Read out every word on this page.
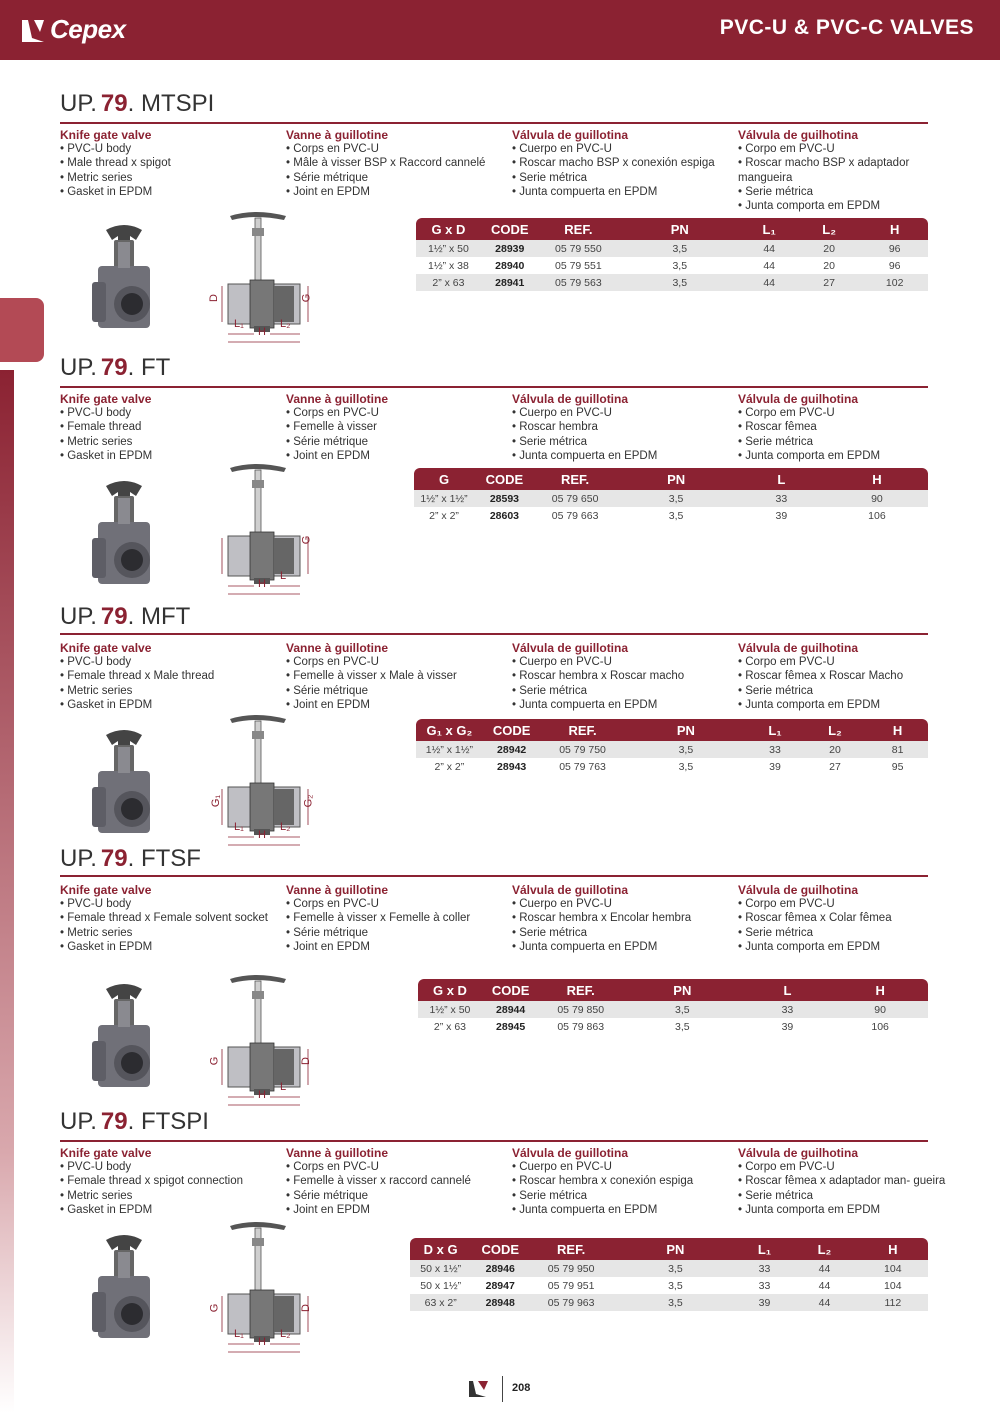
Cepex	PVC-U & PVC-C VALVES
UP. 79. MTSPI
Knife gate valve
• PVC-U body
• Male thread x spigot
• Metric series
• Gasket in EPDM
Vanne à guillotine
• Corps en PVC-U
• Mâle à visser BSP x Raccord cannelé
• Série métrique
• Joint en EPDM
Válvula de guillotina
• Cuerpo en PVC-U
• Roscar macho BSP x conexión espiga
• Serie métrica
• Junta compuerta en EPDM
Válvula de guilhotina
• Corpo em PVC-U
• Roscar macho BSP x adaptador mangueira
• Serie métrica
• Junta comporta em EPDM
D	G
L₁	L₂
H
G x D	CODE	REF.	PN	L₁	L₂	H
1½” x 50	28939	05 79 550	3,5	44	20	96
1½” x 38	28940	05 79 551	3,5	44	20	96
2” x 63	28941	05 79 563	3,5	44	27	102
UP. 79. FT
Knife gate valve
• PVC-U body
• Female thread
• Metric series
• Gasket in EPDM
Vanne à guillotine
• Corps en PVC-U
• Femelle à visser
• Série métrique
• Joint en EPDM
Válvula de guillotina
• Cuerpo en PVC-U
• Roscar hembra
• Serie métrica
• Junta compuerta en EPDM
Válvula de guilhotina
• Corpo em PVC-U
• Roscar fêmea
• Serie métrica
• Junta comporta em EPDM
G
L
H
G	CODE	REF.	PN	L	H
1½” x 1½”	28593	05 79 650	3,5	33	90
2” x 2”	28603	05 79 663	3,5	39	106
UP. 79. MFT
Knife gate valve
• PVC-U body
• Female thread x Male thread
• Metric series
• Gasket in EPDM
Vanne à guillotine
• Corps en PVC-U
• Femelle à visser x Male à visser
• Série métrique
• Joint en EPDM
Válvula de guillotina
• Cuerpo en PVC-U
• Roscar hembra x Roscar macho
• Serie métrica
• Junta compuerta en EPDM
Válvula de guilhotina
• Corpo em PVC-U
• Roscar fêmea x Roscar Macho
• Serie métrica
• Junta comporta em EPDM
G₁	G₂
L₁	L₂
H
G₁ x G₂	CODE	REF.	PN	L₁	L₂	H
1½” x 1½”	28942	05 79 750	3,5	33	20	81
2” x 2”	28943	05 79 763	3,5	39	27	95
UP. 79. FTSF
Knife gate valve
• PVC-U body
• Female thread x Female solvent socket
• Metric series
• Gasket in EPDM
Vanne à guillotine
• Corps en PVC-U
• Femelle à visser x Femelle à coller
• Série métrique
• Joint en EPDM
Válvula de guillotina
• Cuerpo en PVC-U
• Roscar hembra x Encolar hembra
• Serie métrica
• Junta compuerta en EPDM
Válvula de guilhotina
• Corpo em PVC-U
• Roscar fêmea x Colar fêmea
• Serie métrica
• Junta comporta em EPDM
G	D
L
H
G x D	CODE	REF.	PN	L	H
1½” x 50	28944	05 79 850	3,5	33	90
2” x 63	28945	05 79 863	3,5	39	106
UP. 79. FTSPI
Knife gate valve
• PVC-U body
• Female thread x spigot connection
• Metric series
• Gasket in EPDM
Vanne à guillotine
• Corps en PVC-U
• Femelle à visser x raccord cannelé
• Série métrique
• Joint en EPDM
Válvula de guillotina
• Cuerpo en PVC-U
• Roscar hembra x conexión espiga
• Serie métrica
• Junta compuerta en EPDM
Válvula de guilhotina
• Corpo em PVC-U
• Roscar fêmea x adaptador man- gueira
• Serie métrica
• Junta comporta em EPDM
G	D
L₁	L₂
H
D x G	CODE	REF.	PN	L₁	L₂	H
50 x 1½”	28946	05 79 950	3,5	33	44	104
50 x 1½”	28947	05 79 951	3,5	33	44	104
63 x 2”	28948	05 79 963	3,5	39	44	112
208
